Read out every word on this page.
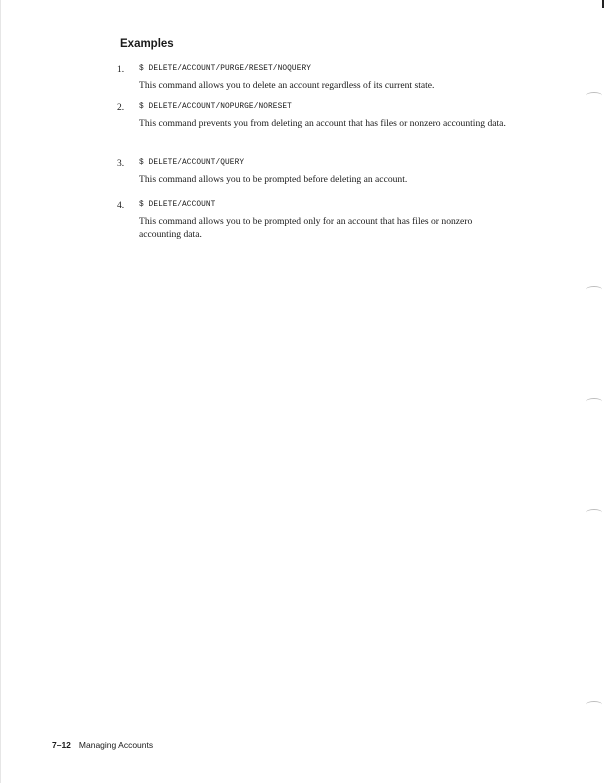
Examples
1. $ DELETE/ACCOUNT/PURGE/RESET/NOQUERY
This command allows you to delete an account regardless of its current state.
2. $ DELETE/ACCOUNT/NOPURGE/NORESET
This command prevents you from deleting an account that has files or nonzero accounting data.
3. $ DELETE/ACCOUNT/QUERY
This command allows you to be prompted before deleting an account.
4. $ DELETE/ACCOUNT
This command allows you to be prompted only for an account that has files or nonzero accounting data.
7–12 Managing Accounts
